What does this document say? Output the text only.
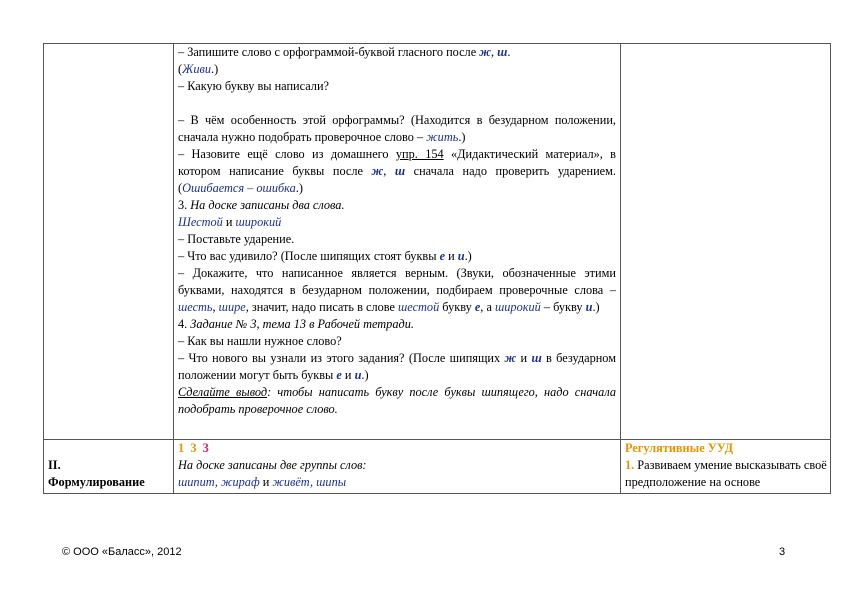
– Запишите слово с орфограммой-буквой гласного после ж, ш.

(Живи.)

– Какую букву вы написали?

– В чём особенность этой орфограммы? (Находится в безударном положении, сначала нужно подобрать проверочное слово – жить.)

– Назовите ещё слово из домашнего упр. 154 «Дидактический материал», в котором написание буквы после ж, ш сначала надо проверить ударением. (Ошибается – ошибка.)

3. На доске записаны два слова.

Шестой и широкий

– Поставьте ударение.

– Что вас удивило? (После шипящих стоят буквы е и и.)

– Докажите, что написанное является верным. (Звуки, обозначенные этими буквами, находятся в безударном положении, подбираем проверочные слова – шесть, шире, значит, надо писать в слове шестой букву е, а широкий – букву и.)

4. Задание № 3, тема 13 в Рабочей тетради.

– Как вы нашли нужное слово?

– Что нового вы узнали из этого задания? (После шипящих ж и ш в безударном положении могут быть буквы е и и.)

Сделайте вывод: чтобы написать букву после буквы шипящего, надо сначала подобрать проверочное слово.

II.

Формулирование

1 3 3

На доске записаны две группы слов:

шипит, жираф и живёт, шипы

Регулятивные УУД

1. Развиваем умение высказывать своё предположение на основе

© ООО «Баласс», 2012	3
